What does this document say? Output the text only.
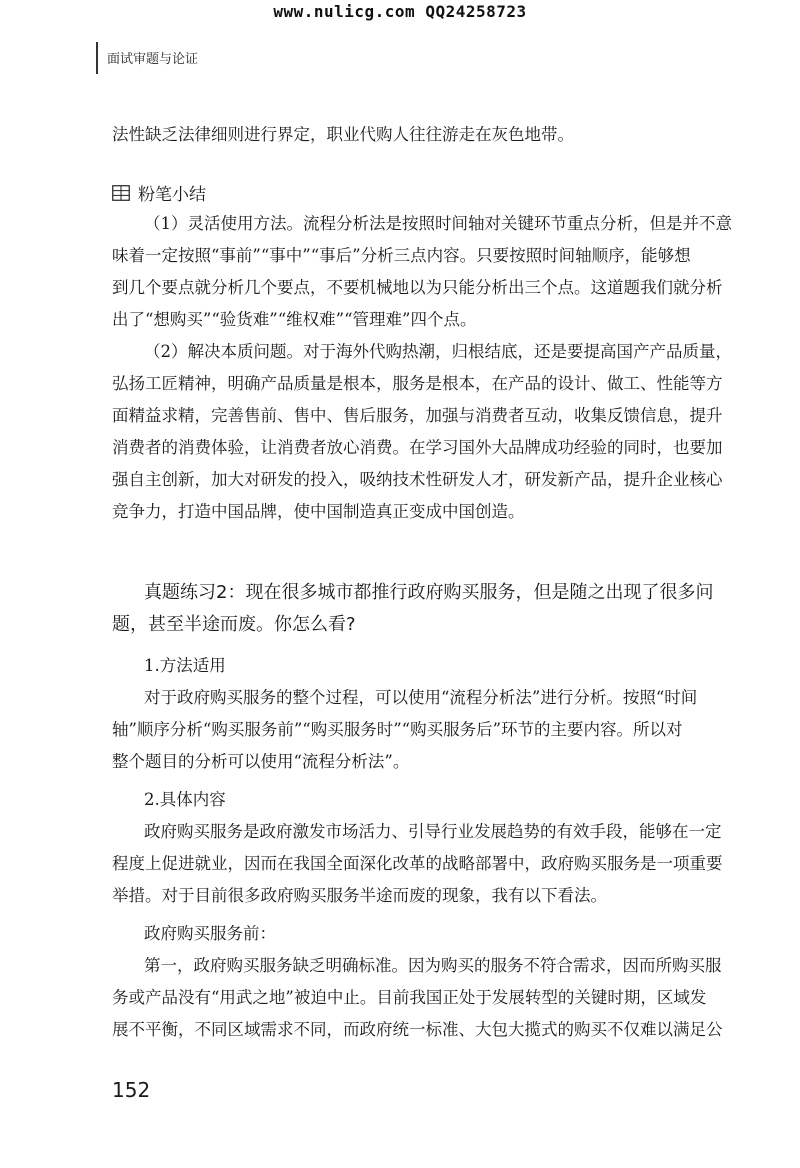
www.nulicg.com QQ24258723
面试审题与论证

法性缺乏法律细则进行界定，职业代购人往往游走在灰色地带。

粉笔小结

（1）灵活使用方法。流程分析法是按照时间轴对关键环节重点分析，但是并不意

味着一定按照“事前”“事中”“事后”分析三点内容。只要按照时间轴顺序，能够想

到几个要点就分析几个要点，不要机械地以为只能分析出三个点。这道题我们就分析

出了“想购买”“验货难”“维权难”“管理难”四个点。

（2）解决本质问题。对于海外代购热潮，归根结底，还是要提高国产产品质量，

弘扬工匠精神，明确产品质量是根本，服务是根本，在产品的设计、做工、性能等方

面精益求精，完善售前、售中、售后服务，加强与消费者互动，收集反馈信息，提升

消费者的消费体验，让消费者放心消费。在学习国外大品牌成功经验的同时，也要加

强自主创新，加大对研发的投入，吸纳技术性研发人才，研发新产品，提升企业核心

竞争力，打造中国品牌，使中国制造真正变成中国创造。

真题练习2：现在很多城市都推行政府购买服务，但是随之出现了很多问

题，甚至半途而废。你怎么看?

1.方法适用

对于政府购买服务的整个过程，可以使用“流程分析法”进行分析。按照“时间

轴”顺序分析“购买服务前”“购买服务时”“购买服务后”环节的主要内容。所以对

整个题目的分析可以使用“流程分析法”。

2.具体内容

政府购买服务是政府激发市场活力、引导行业发展趋势的有效手段，能够在一定

程度上促进就业，因而在我国全面深化改革的战略部署中，政府购买服务是一项重要

举措。对于目前很多政府购买服务半途而废的现象，我有以下看法。

政府购买服务前：

第一，政府购买服务缺乏明确标准。因为购买的服务不符合需求，因而所购买服

务或产品没有“用武之地”被迫中止。目前我国正处于发展转型的关键时期，区域发

展不平衡，不同区域需求不同，而政府统一标准、大包大揽式的购买不仅难以满足公

152
